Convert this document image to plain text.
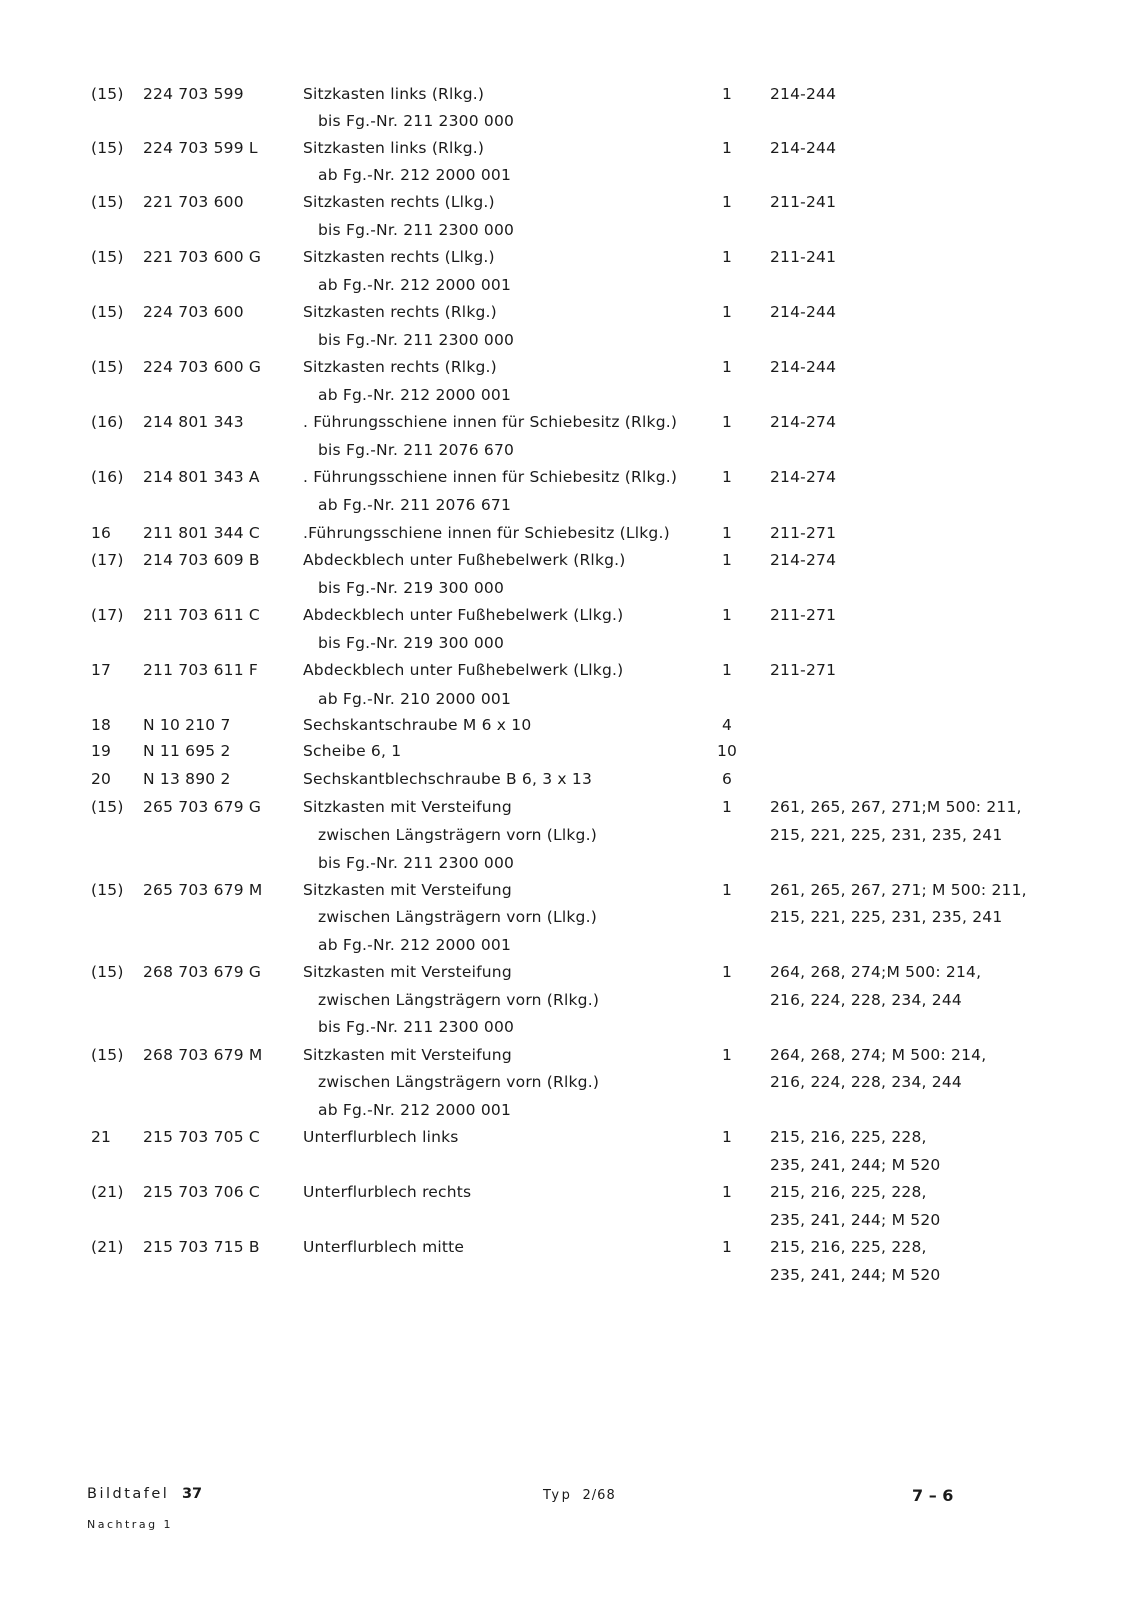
(15) 224 703 599	Sitzkasten links (Rlkg.)	1	214-244
bis Fg.-Nr. 211 2300 000
(15) 224 703 599 L	Sitzkasten links (Rlkg.)	1	214-244
ab Fg.-Nr. 212 2000 001
(15) 221 703 600	Sitzkasten rechts (Llkg.)	1	211-241
bis Fg.-Nr. 211 2300 000
(15) 221 703 600 G	Sitzkasten rechts (Llkg.)	1	211-241
ab Fg.-Nr. 212 2000 001
(15) 224 703 600	Sitzkasten rechts (Rlkg.)	1	214-244
bis Fg.-Nr. 211 2300 000
(15) 224 703 600 G	Sitzkasten rechts (Rlkg.)	1	214-244
ab Fg.-Nr. 212 2000 001
(16) 214 801 343	. Führungsschiene innen für Schiebesitz (Rlkg.)	1	214-274
bis Fg.-Nr. 211 2076 670
(16) 214 801 343 A	. Führungsschiene innen für Schiebesitz (Rlkg.)	1	214-274
ab Fg.-Nr. 211 2076 671
16 211 801 344 C	.Führungsschiene innen für Schiebesitz (Llkg.)	1	211-271
(17) 214 703 609 B	Abdeckblech unter Fußhebelwerk (Rlkg.)	1	214-274
bis Fg.-Nr. 219 300 000
(17) 211 703 611 C	Abdeckblech unter Fußhebelwerk (Llkg.)	1	211-271
bis Fg.-Nr. 219 300 000
17 211 703 611 F	Abdeckblech unter Fußhebelwerk (Llkg.)	1	211-271
ab Fg.-Nr. 210 2000 001
18 N 10 210 7	Sechskantschraube M 6 x 10	4
19 N 11 695 2	Scheibe 6, 1	10
20 N 13 890 2	Sechskantblechschraube B 6, 3 x 13	6
(15) 265 703 679 G	Sitzkasten mit Versteifung	1	261, 265, 267, 271;M 500: 211,
zwischen Längsträgern vorn (Llkg.)	215, 221, 225, 231, 235, 241
bis Fg.-Nr. 211 2300 000
(15) 265 703 679 M	Sitzkasten mit Versteifung	1	261, 265, 267, 271; M 500: 211,
zwischen Längsträgern vorn (Llkg.)	215, 221, 225, 231, 235, 241
ab Fg.-Nr. 212 2000 001
(15) 268 703 679 G	Sitzkasten mit Versteifung	1	264, 268, 274;M 500: 214,
zwischen Längsträgern vorn (Rlkg.)	216, 224, 228, 234, 244
bis Fg.-Nr. 211 2300 000
(15) 268 703 679 M	Sitzkasten mit Versteifung	1	264, 268, 274; M 500: 214,
zwischen Längsträgern vorn (Rlkg.)	216, 224, 228, 234, 244
ab Fg.-Nr. 212 2000 001
21 215 703 705 C	Unterflurblech links	1	215, 216, 225, 228,
235, 241, 244; M 520
(21) 215 703 706 C	Unterflurblech rechts	1	215, 216, 225, 228,
235, 241, 244; M 520
(21) 215 703 715 B	Unterflurblech mitte	1	215, 216, 225, 228,
235, 241, 244; M 520
Bildtafel 37	Typ 2/68	7 – 6
Nachtrag 1
